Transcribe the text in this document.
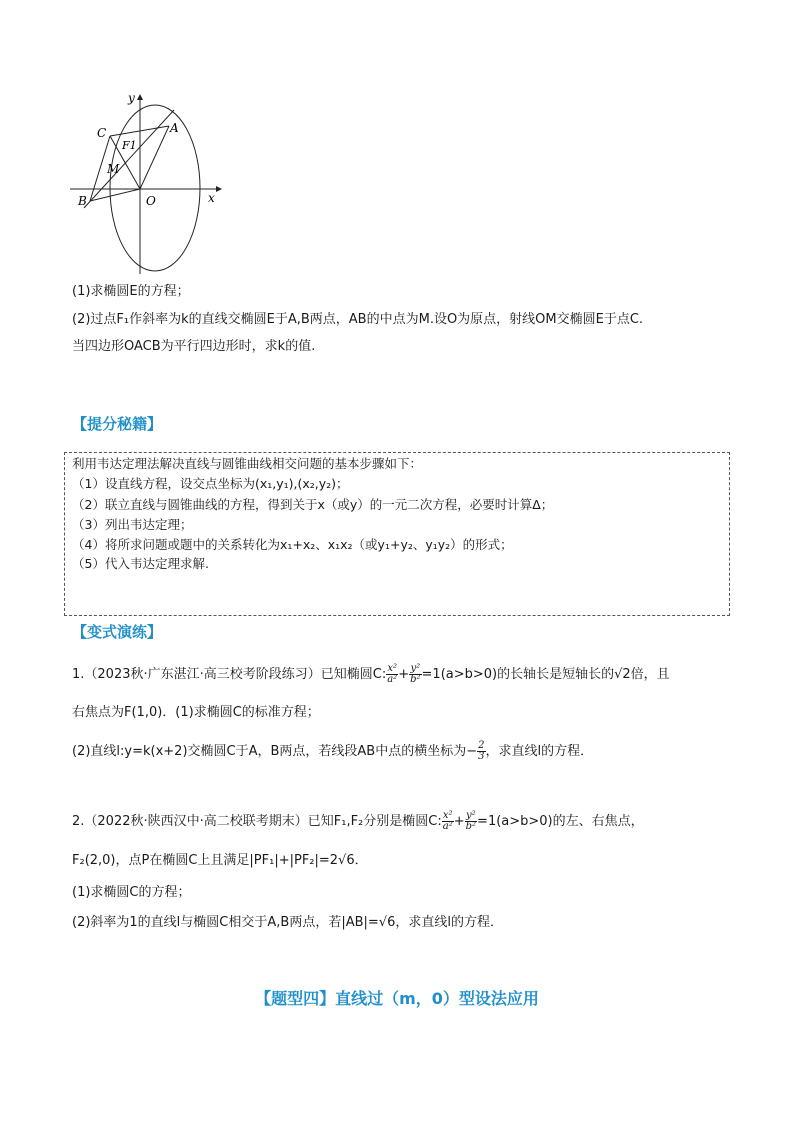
y
x
O
A
B
C
M
F1
(1)求椭圆E的方程；
(2)过点F₁作斜率为k的直线交椭圆E于A,B两点，AB的中点为M.设O为原点，射线OM交椭圆E于点C.
当四边形OACB为平行四边形时，求k的值.
【提分秘籍】
利用韦达定理法解决直线与圆锥曲线相交问题的基本步骤如下：
（1）设直线方程，设交点坐标为(x₁,y₁),(x₂,y₂)；
（2）联立直线与圆锥曲线的方程，得到关于x（或y）的一元二次方程，必要时计算Δ；
（3）列出韦达定理；
（4）将所求问题或题中的关系转化为x₁+x₂、x₁x₂（或y₁+y₂、y₁y₂）的形式；
（5）代入韦达定理求解.
【变式演练】
1.（2023秋·广东湛江·高三校考阶段练习）已知椭圆C: $\frac{\text{x²}}{\text{a²}} + \frac{\text{y²}}{\text{b²}} =1(a>b>0)$的长轴长是短轴长的√2倍，且
右焦点为F(1,0)．(1)求椭圆C的标准方程；
(2)直线l:y=k(x+2)交椭圆C于A，B两点，若线段AB中点的横坐标为− $\frac{2}{3}$ ，求直线l的方程．
2.（2022秋·陕西汉中·高二校联考期末）已知F₁,F₂分别是椭圆C: $\frac{\text{x²}}{\text{a²}} + \frac{\text{y²}}{\text{b²}} =1(a>b>0)$的左、右焦点，
F₂(2,0)，点P在椭圆C上且满足|PF₁|+|PF₂|=2√6．
(1)求椭圆C的方程；
(2)斜率为1的直线l与椭圆C相交于A,B两点，若|AB|=√6，求直线l的方程．
【题型四】直线过（m，0）型设法应用
